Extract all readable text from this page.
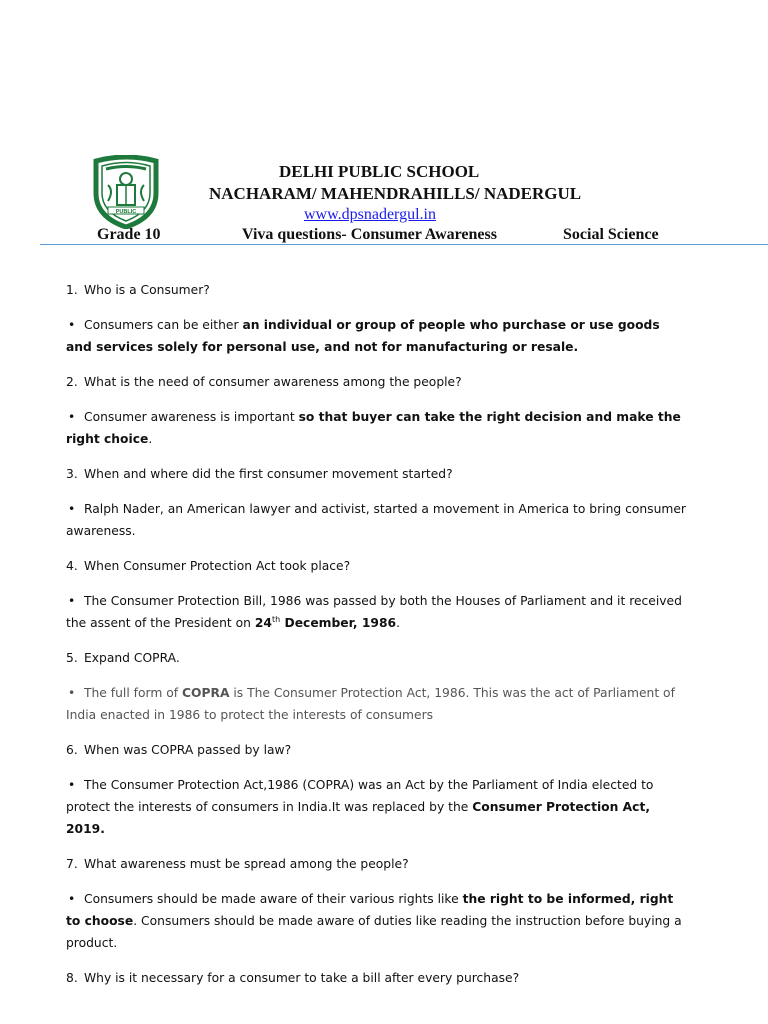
PUBLIC
DELHI PUBLIC SCHOOL
NACHARAM/ MAHENDRAHILLS/ NADERGUL
www.dpsnadergul.in
Grade 10	Viva questions- Consumer Awareness	Social Science
1. Who is a Consumer?
• Consumers can be either an individual or group of people who purchase or use goods and services solely for personal use, and not for manufacturing or resale.
2. What is the need of consumer awareness among the people?
• Consumer awareness is important so that buyer can take the right decision and make the right choice.
3. When and where did the first consumer movement started?
• Ralph Nader, an American lawyer and activist, started a movement in America to bring consumer awareness.
4. When Consumer Protection Act took place?
• The Consumer Protection Bill, 1986 was passed by both the Houses of Parliament and it received the assent of the President on 24th December, 1986.
5. Expand COPRA.
• The full form of COPRA is The Consumer Protection Act, 1986. This was the act of Parliament of India enacted in 1986 to protect the interests of consumers
6. When was COPRA passed by law?
• The Consumer Protection Act,1986 (COPRA) was an Act by the Parliament of India elected to protect the interests of consumers in India.It was replaced by the Consumer Protection Act, 2019.
7. What awareness must be spread among the people?
• Consumers should be made aware of their various rights like the right to be informed, right to choose. Consumers should be made aware of duties like reading the instruction before buying a product.
8. Why is it necessary for a consumer to take a bill after every purchase?
